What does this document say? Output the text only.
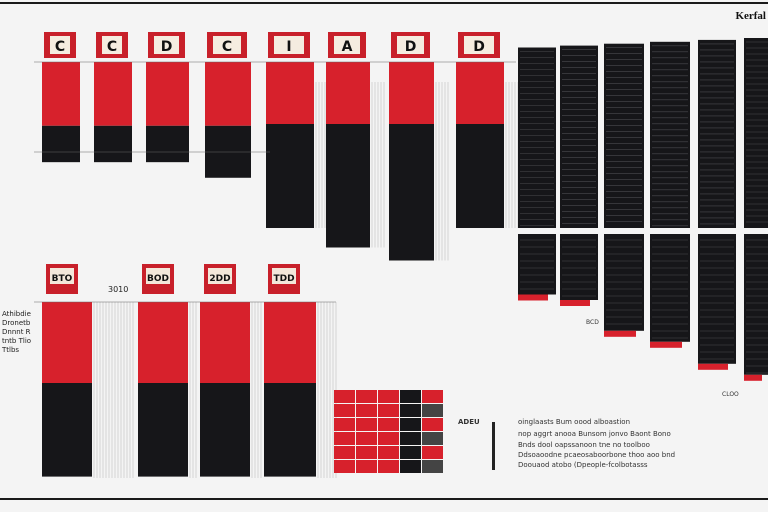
Kerfal
Athibdie Dronetb Dnnnt Rtntb Tlio Ttlbs
C	C	D	C	I	A	D	D
BCD
CLOO
BTO	BOD	2DD	TDD
3010
ADEU	oinglaasts Bum oood alboastion
nop aggrt anooa Bunsom jonvo Baont Bono
Bnds dool oapssanoon tne no toolboo
Ddsoaoodne pcaeosaboorbone thoo aoo bnd
Doouaod atobo (Dpeople-fcolbotasss
